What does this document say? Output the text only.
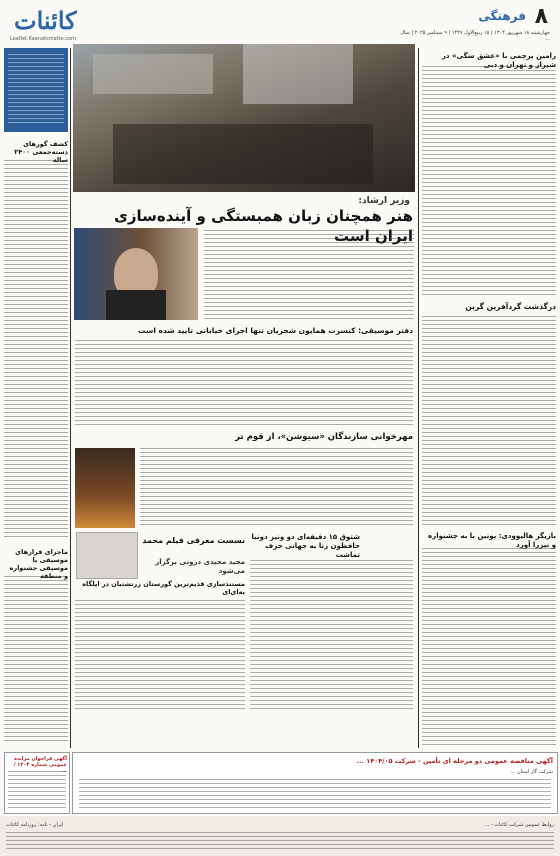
کائنات
Leaflet.Kaenatsmatte.com
۸
فرهنگی
چهارشنبه ۱۸ شهریور ۱۴۰۴ | ۱۵ ربیع‌الاول ۱۴۴۷ | ۹ سپتامبر ۲۰۲۵ | سال ...
کشف گورهای دسته‌جمعی ۲۴۰۰ ساله
ماجرای فرارهای موسیقی یا موسیقی جشنواره و منطقه
وزیر ارشاد:
هنر همچنان زبان همبستگی و آینده‌سازی ایران است
دفتر موسیقی: کنسرت همایون شجریان تنها اجرای خیابانی تایید شده است
مهرخوانی سازندگان «سیوشن»، از قوم تر
شتوق ۱۵ دقیقه‌ای دو ونیز دونیا حافظون زنا به جهانی حرف تماشت
مستندسازی قدیم‌ترین گورستان زرتشتیان در اپلگاه به‌ای‌ای
نسست معرفی فیلم محمد
مجید مجیدی درونی برگزار می‌شود
رامین پرچمی با «عشق سگی» در شیراز و تهران و دبی
درگذشت گردآفرین گرین
بازیگر هالیوودی: پوتین با به جشنواره و نیزرا آورد
آگهی مناقصه عمومی دو مرحله ای تأمین - شرکت ۱۴۰۴/۰۵ ...
شرکت گاز استان ...
آگهی فراخوان مزایده عمومی شماره ۱۴۰۴ / ...
روابط عمومی شرکت کائنات - ...
ایران - نامه: روزنامه کائنات
